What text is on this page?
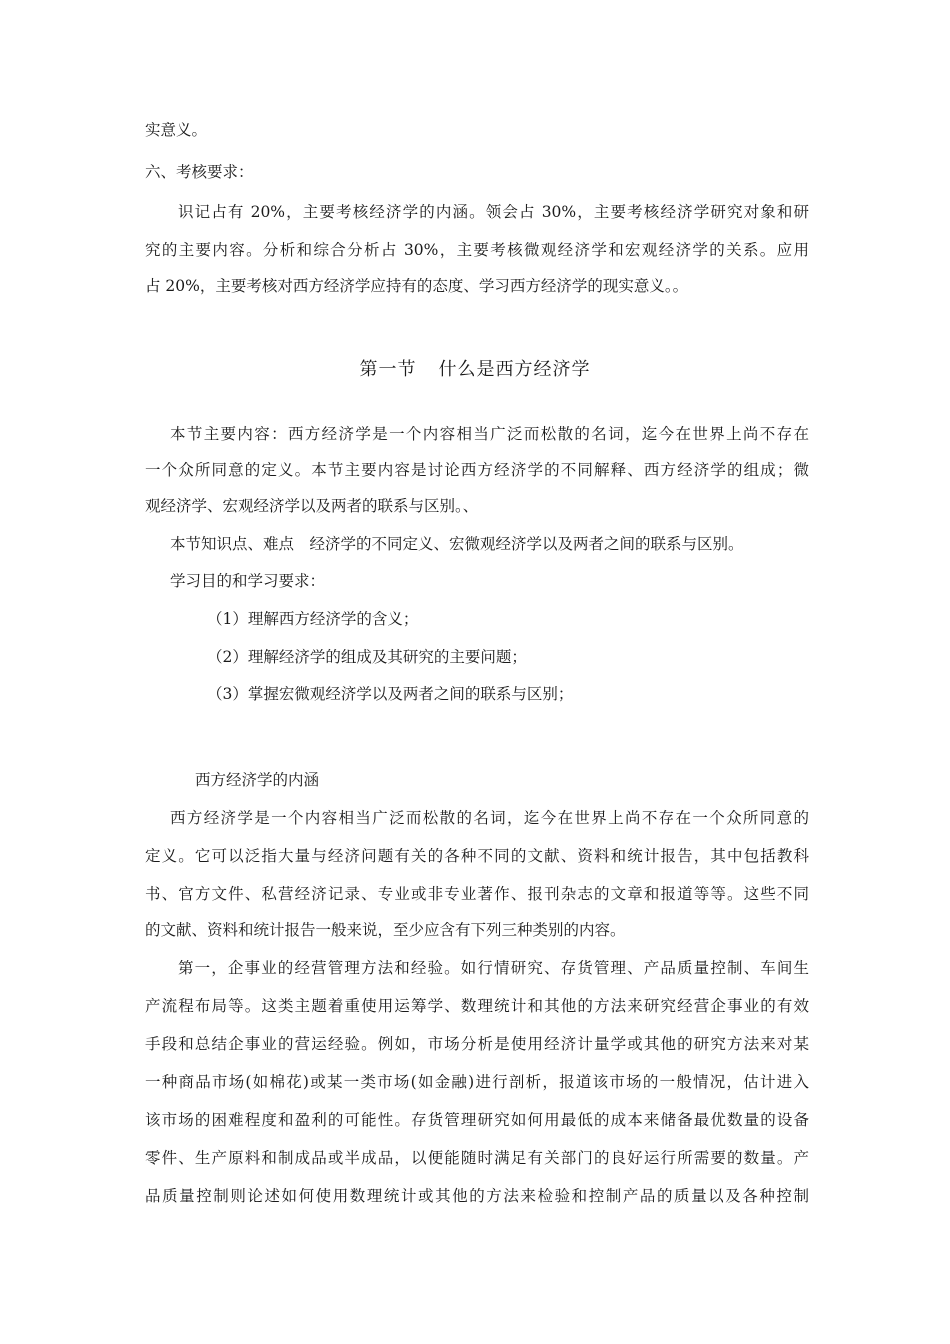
实意义。
六、考核要求：
识记占有 20%，主要考核经济学的内涵。领会占 30%，主要考核经济学研究对象和研
究的主要内容。分析和综合分析占 30%，主要考核微观经济学和宏观经济学的关系。应用
占 20%，主要考核对西方经济学应持有的态度、学习西方经济学的现实意义。。
第一节 什么是西方经济学
本节主要内容：西方经济学是一个内容相当广泛而松散的名词，迄今在世界上尚不存在
一个众所同意的定义。本节主要内容是讨论西方经济学的不同解释、西方经济学的组成；微
观经济学、宏观经济学以及两者的联系与区别。、
本节知识点、难点　经济学的不同定义、宏微观经济学以及两者之间的联系与区别。
学习目的和学习要求：
（1）理解西方经济学的含义；
（2）理解经济学的组成及其研究的主要问题；
（3）掌握宏微观经济学以及两者之间的联系与区别；
西方经济学的内涵
西方经济学是一个内容相当广泛而松散的名词，迄今在世界上尚不存在一个众所同意的
定义。它可以泛指大量与经济问题有关的各种不同的文献、资料和统计报告，其中包括教科
书、官方文件、私营经济记录、专业或非专业著作、报刊杂志的文章和报道等等。这些不同
的文献、资料和统计报告一般来说，至少应含有下列三种类别的内容。
第一，企事业的经营管理方法和经验。如行情研究、存货管理、产品质量控制、车间生
产流程布局等。这类主题着重使用运筹学、数理统计和其他的方法来研究经营企事业的有效
手段和总结企事业的营运经验。例如，市场分析是使用经济计量学或其他的研究方法来对某
一种商品市场(如棉花)或某一类市场(如金融)进行剖析，报道该市场的一般情况，估计进入
该市场的困难程度和盈利的可能性。存货管理研究如何用最低的成本来储备最优数量的设备
零件、生产原料和制成品或半成品，以便能随时满足有关部门的良好运行所需要的数量。产
品质量控制则论述如何使用数理统计或其他的方法来检验和控制产品的质量以及各种控制
